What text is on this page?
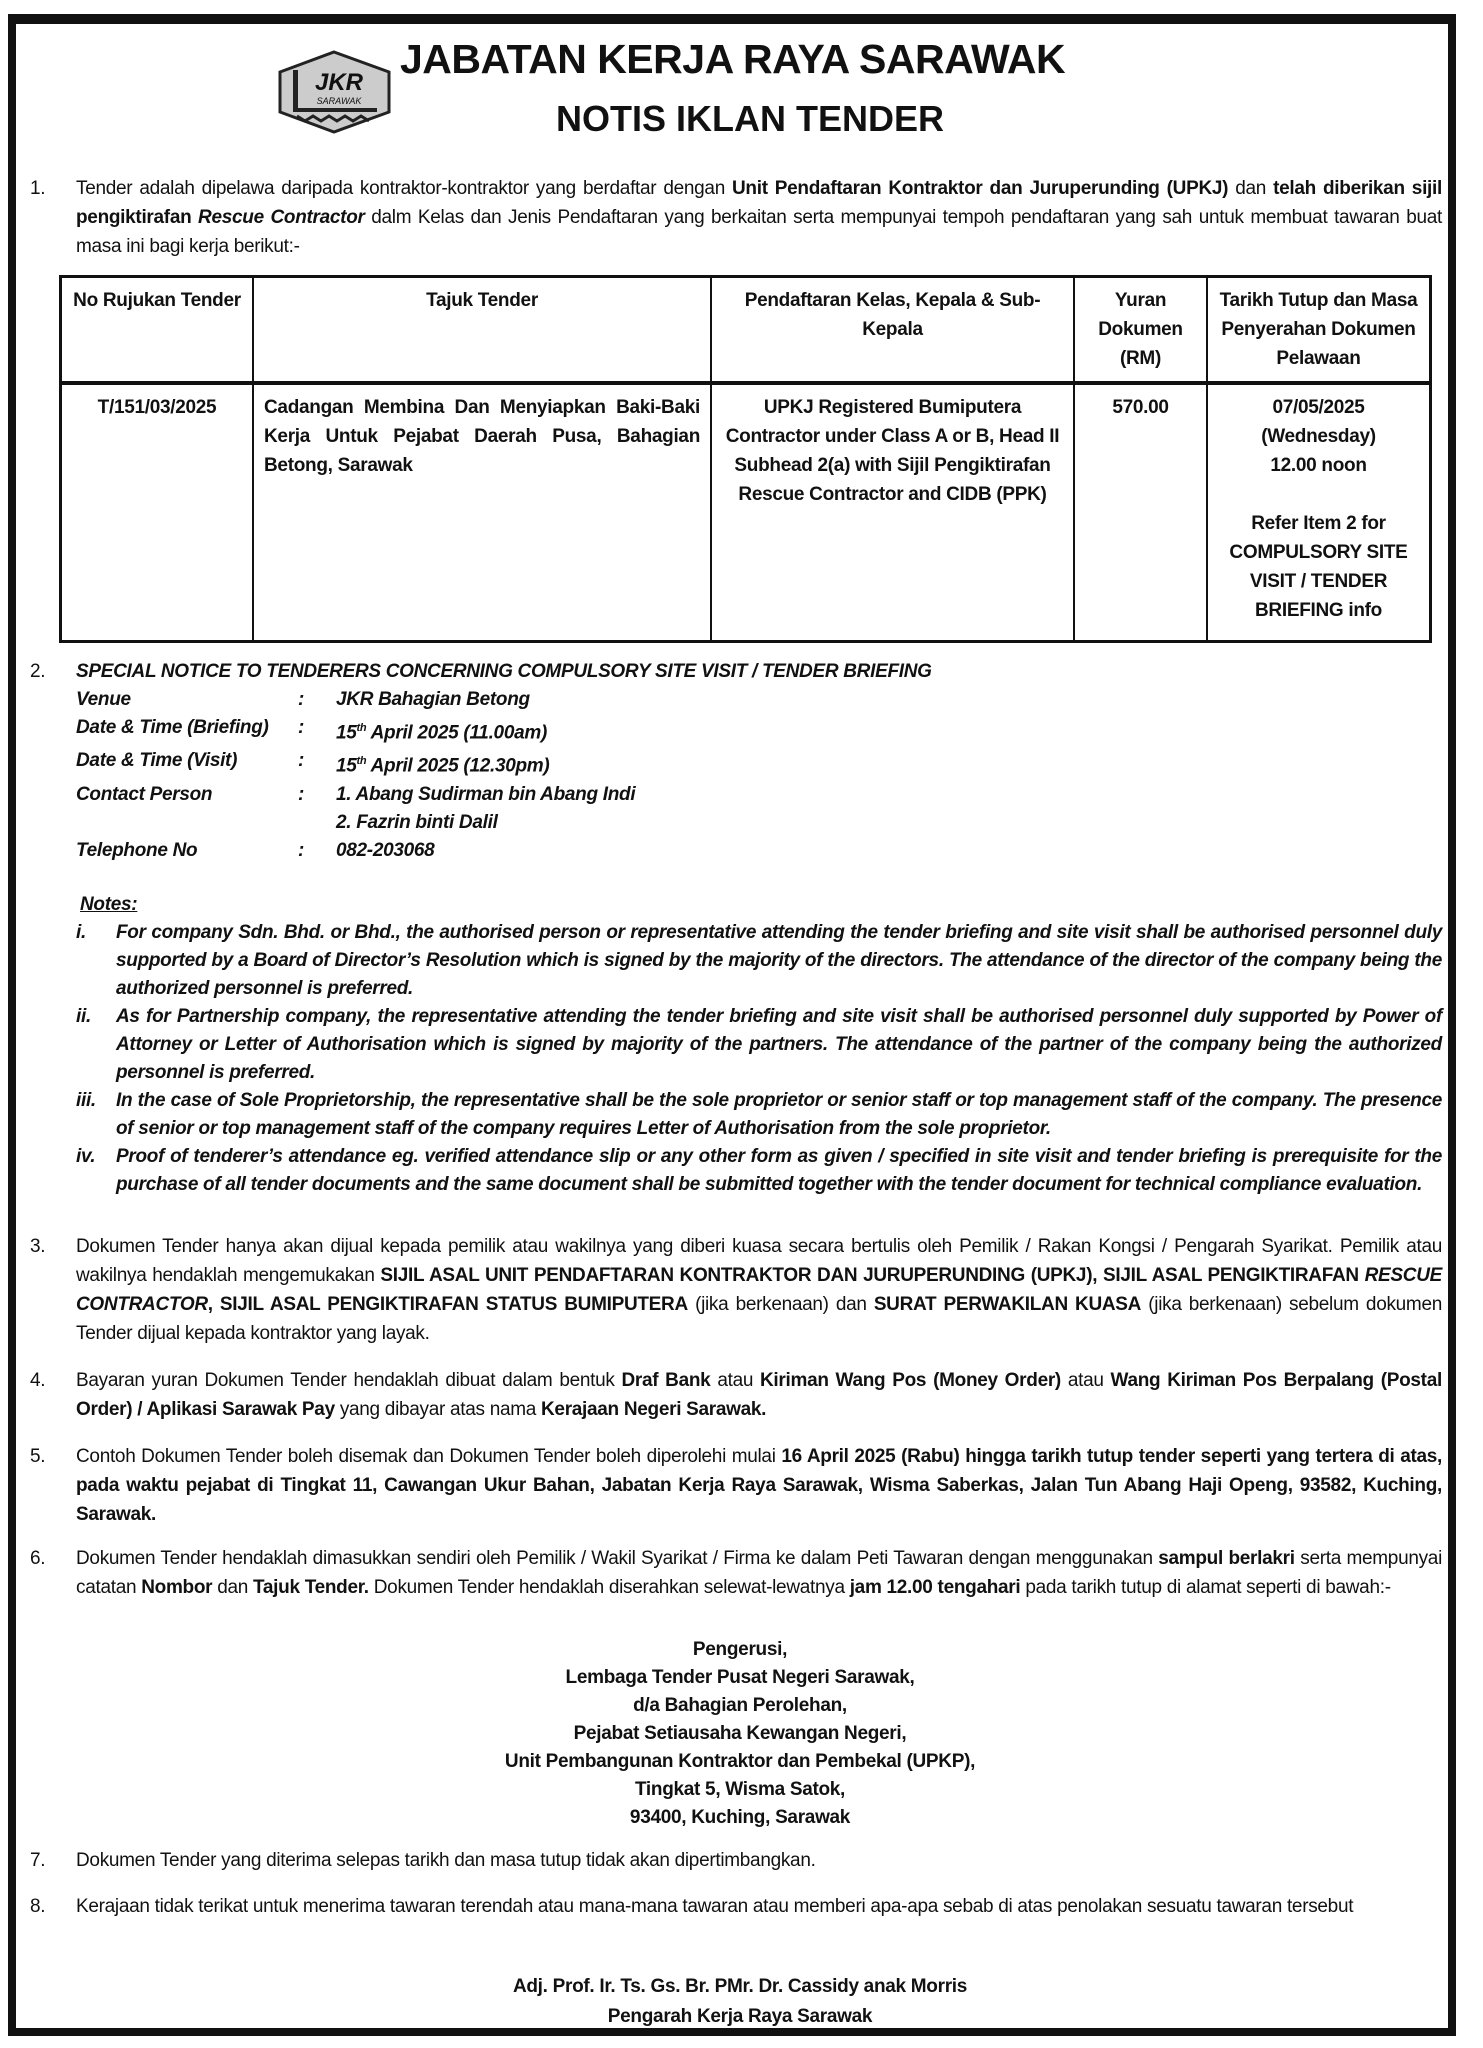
JKR
SARAWAK
JABATAN KERJA RAYA SARAWAK
NOTIS IKLAN TENDER
1.	Tender adalah dipelawa daripada kontraktor-kontraktor yang berdaftar dengan Unit Pendaftaran Kontraktor dan Juruperunding (UPKJ) dan telah diberikan sijil pengiktirafan Rescue Contractor dalm Kelas dan Jenis Pendaftaran yang berkaitan serta mempunyai tempoh pendaftaran yang sah untuk membuat tawaran buat masa ini bagi kerja berikut:-
No Rujukan Tender	Tajuk Tender	Pendaftaran Kelas, Kepala & Sub-Kepala	Yuran Dokumen (RM)	Tarikh Tutup dan Masa Penyerahan Dokumen Pelawaan
T/151/03/2025	Cadangan Membina Dan Menyiapkan Baki-Baki Kerja Untuk Pejabat Daerah Pusa, Bahagian Betong, Sarawak	UPKJ Registered Bumiputera Contractor under Class A or B, Head II Subhead 2(a) with Sijil Pengiktirafan Rescue Contractor and CIDB (PPK)	570.00	07/05/2025
(Wednesday)
12.00 noon
Refer Item 2 for COMPULSORY SITE VISIT / TENDER BRIEFING info
2. SPECIAL NOTICE TO TENDERERS CONCERNING COMPULSORY SITE VISIT / TENDER BRIEFING
Venue	:	JKR Bahagian Betong
Date & Time (Briefing)	:	15th April 2025 (11.00am)
Date & Time (Visit)	:	15th April 2025 (12.30pm)
Contact Person	:	1. Abang Sudirman bin Abang Indi
2. Fazrin binti Dalil
Telephone No	:	082-203068
Notes:
i.	For company Sdn. Bhd. or Bhd., the authorised person or representative attending the tender briefing and site visit shall be authorised personnel duly supported by a Board of Director’s Resolution which is signed by the majority of the directors. The attendance of the director of the company being the authorized personnel is preferred.
ii.	As for Partnership company, the representative attending the tender briefing and site visit shall be authorised personnel duly supported by Power of Attorney or Letter of Authorisation which is signed by majority of the partners. The attendance of the partner of the company being the authorized personnel is preferred.
iii.	In the case of Sole Proprietorship, the representative shall be the sole proprietor or senior staff or top management staff of the company. The presence of senior or top management staff of the company requires Letter of Authorisation from the sole proprietor.
iv.	Proof of tenderer’s attendance eg. verified attendance slip or any other form as given / specified in site visit and tender briefing is prerequisite for the purchase of all tender documents and the same document shall be submitted together with the tender document for technical compliance evaluation.
3.	Dokumen Tender hanya akan dijual kepada pemilik atau wakilnya yang diberi kuasa secara bertulis oleh Pemilik / Rakan Kongsi / Pengarah Syarikat. Pemilik atau wakilnya hendaklah mengemukakan SIJIL ASAL UNIT PENDAFTARAN KONTRAKTOR DAN JURUPERUNDING (UPKJ), SIJIL ASAL PENGIKTIRAFAN RESCUE CONTRACTOR, SIJIL ASAL PENGIKTIRAFAN STATUS BUMIPUTERA (jika berkenaan) dan SURAT PERWAKILAN KUASA (jika berkenaan) sebelum dokumen Tender dijual kepada kontraktor yang layak.
4.	Bayaran yuran Dokumen Tender hendaklah dibuat dalam bentuk Draf Bank atau Kiriman Wang Pos (Money Order) atau Wang Kiriman Pos Berpalang (Postal Order) / Aplikasi Sarawak Pay yang dibayar atas nama Kerajaan Negeri Sarawak.
5.	Contoh Dokumen Tender boleh disemak dan Dokumen Tender boleh diperolehi mulai 16 April 2025 (Rabu) hingga tarikh tutup tender seperti yang tertera di atas, pada waktu pejabat di Tingkat 11, Cawangan Ukur Bahan, Jabatan Kerja Raya Sarawak, Wisma Saberkas, Jalan Tun Abang Haji Openg, 93582, Kuching, Sarawak.
6.	Dokumen Tender hendaklah dimasukkan sendiri oleh Pemilik / Wakil Syarikat / Firma ke dalam Peti Tawaran dengan menggunakan sampul berlakri serta mempunyai catatan Nombor dan Tajuk Tender. Dokumen Tender hendaklah diserahkan selewat-lewatnya jam 12.00 tengahari pada tarikh tutup di alamat seperti di bawah:-
Pengerusi,
Lembaga Tender Pusat Negeri Sarawak,
d/a Bahagian Perolehan,
Pejabat Setiausaha Kewangan Negeri,
Unit Pembangunan Kontraktor dan Pembekal (UPKP),
Tingkat 5, Wisma Satok,
93400, Kuching, Sarawak
7.	Dokumen Tender yang diterima selepas tarikh dan masa tutup tidak akan dipertimbangkan.
8.	Kerajaan tidak terikat untuk menerima tawaran terendah atau mana-mana tawaran atau memberi apa-apa sebab di atas penolakan sesuatu tawaran tersebut
Adj. Prof. Ir. Ts. Gs. Br. PMr. Dr. Cassidy anak Morris
Pengarah Kerja Raya Sarawak
